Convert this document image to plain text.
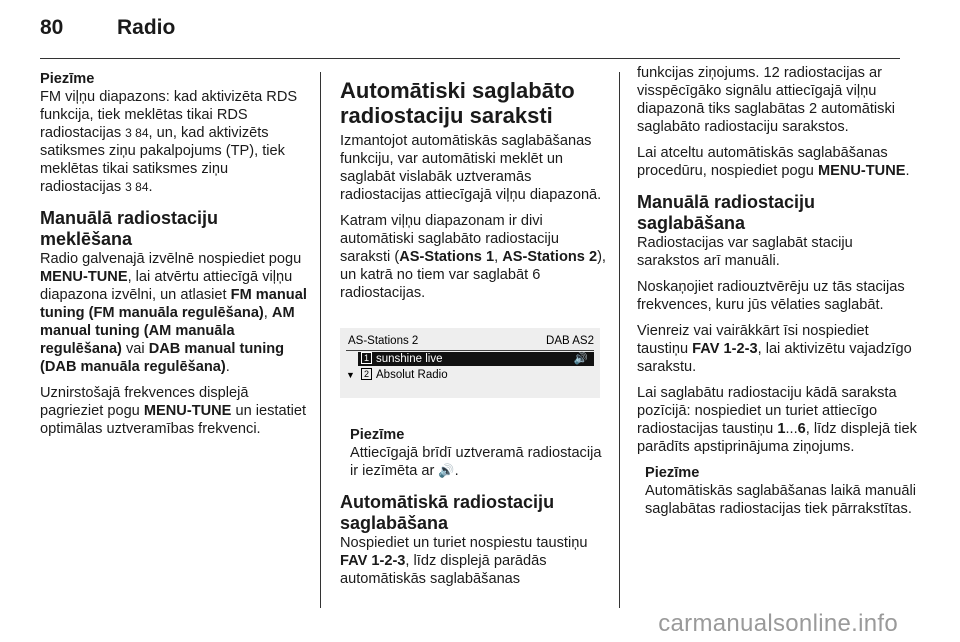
80	Radio
Piezīme
FM viļņu diapazons: kad aktivizēta RDS funkcija, tiek meklētas tikai RDS radiostacijas 3 84, un, kad aktivizēts satiksmes ziņu pakalpojums (TP), tiek meklētas tikai satiksmes ziņu radiostacijas 3 84.
Manuālā radiostaciju meklēšana

Radio galvenajā izvēlnē nospiediet pogu MENU-TUNE, lai atvērtu attiecīgā viļņu diapazona izvēlni, un atlasiet FM manual tuning (FM manuāla regulēšana), AM manual tuning (AM manuāla regulēšana) vai DAB manual tuning (DAB manuāla regulēšana).

Uznirstošajā frekvences displejā pagrieziet pogu MENU-TUNE un iestatiet optimālas uztveramības frekvenci.

Automātiski saglabāto radiostaciju saraksti

Izmantojot automātiskās saglabāšanas funkciju, var automātiski meklēt un saglabāt vislabāk uztveramās radiostacijas attiecīgajā viļņu diapazonā.

Katram viļņu diapazonam ir divi automātiski saglabāto radiostaciju saraksti (AS-Stations 1, AS-Stations 2), un katrā no tiem var saglabāt 6 radiostacijas.

AS-Stations 2	DAB AS2
1 sunshine live	🔊
▼	2 Absolut Radio
Piezīme
Attiecīgajā brīdī uztveramā radiostacija ir iezīmēta ar 🔊.
Automātiskā radiostaciju saglabāšana

Nospiediet un turiet nospiestu taustiņu FAV 1-2-3, līdz displejā parādās automātiskās saglabāšanas

funkcijas ziņojums. 12 radiostacijas ar visspēcīgāko signālu attiecīgajā viļņu diapazonā tiks saglabātas 2 automātiski saglabāto radiostaciju sarakstos.

Lai atceltu automātiskās saglabāšanas procedūru, nospiediet pogu MENU-TUNE.

Manuālā radiostaciju saglabāšana

Radiostacijas var saglabāt staciju sarakstos arī manuāli.

Noskaņojiet radiouztvērēju uz tās stacijas frekvences, kuru jūs vēlaties saglabāt.

Vienreiz vai vairākkārt īsi nospiediet taustiņu FAV 1-2-3, lai aktivizētu vajadzīgo sarakstu.

Lai saglabātu radiostaciju kādā saraksta pozīcijā: nospiediet un turiet attiecīgo radiostacijas taustiņu 1...6, līdz displejā tiek parādīts apstiprinājuma ziņojums.

Piezīme
Automātiskās saglabāšanas laikā manuāli saglabātas radiostacijas tiek pārrakstītas.
carmanualsonline.info
